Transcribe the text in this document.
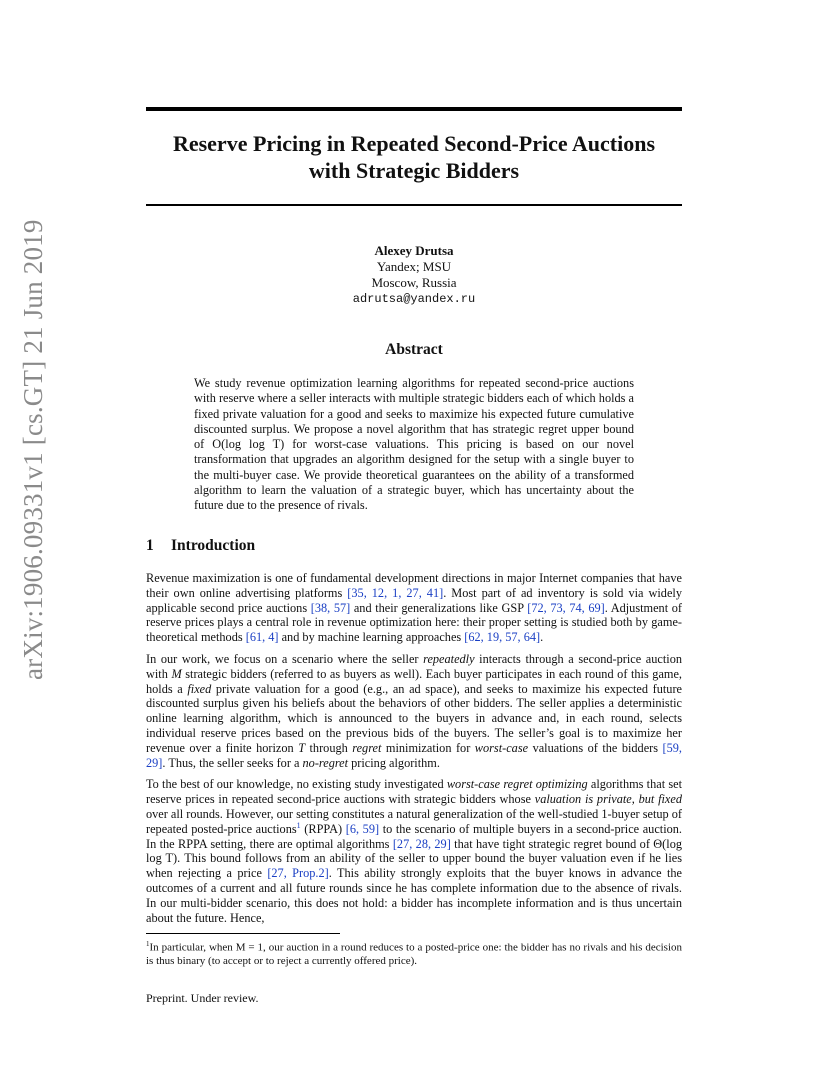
arXiv:1906.09331v1 [cs.GT] 21 Jun 2019
Reserve Pricing in Repeated Second-Price Auctions
with Strategic Bidders
Alexey Drutsa
Yandex; MSU
Moscow, Russia
adrutsa@yandex.ru
Abstract
We study revenue optimization learning algorithms for repeated second-price auctions with reserve where a seller interacts with multiple strategic bidders each of which holds a fixed private valuation for a good and seeks to maximize his expected future cumulative discounted surplus. We propose a novel algorithm that has strategic regret upper bound of O(log log T) for worst-case valuations. This pricing is based on our novel transformation that upgrades an algorithm designed for the setup with a single buyer to the multi-buyer case. We provide theoretical guarantees on the ability of a transformed algorithm to learn the valuation of a strategic buyer, which has uncertainty about the future due to the presence of rivals.
1 Introduction

Revenue maximization is one of fundamental development directions in major Internet companies that have their own online advertising platforms [35, 12, 1, 27, 41]. Most part of ad inventory is sold via widely applicable second price auctions [38, 57] and their generalizations like GSP [72, 73, 74, 69]. Adjustment of reserve prices plays a central role in revenue optimization here: their proper setting is studied both by game-theoretical methods [61, 4] and by machine learning approaches [62, 19, 57, 64].

In our work, we focus on a scenario where the seller repeatedly interacts through a second-price auction with M strategic bidders (referred to as buyers as well). Each buyer participates in each round of this game, holds a fixed private valuation for a good (e.g., an ad space), and seeks to maximize his expected future discounted surplus given his beliefs about the behaviors of other bidders. The seller applies a deterministic online learning algorithm, which is announced to the buyers in advance and, in each round, selects individual reserve prices based on the previous bids of the buyers. The seller’s goal is to maximize her revenue over a finite horizon T through regret minimization for worst-case valuations of the bidders [59, 29]. Thus, the seller seeks for a no-regret pricing algorithm.

To the best of our knowledge, no existing study investigated worst-case regret optimizing algorithms that set reserve prices in repeated second-price auctions with strategic bidders whose valuation is private, but fixed over all rounds. However, our setting constitutes a natural generalization of the well-studied 1-buyer setup of repeated posted-price auctions$^1$ (RPPA) [6, 59] to the scenario of multiple buyers in a second-price auction. In the RPPA setting, there are optimal algorithms [27, 28, 29] that have tight strategic regret bound of Θ(log log T). This bound follows from an ability of the seller to upper bound the buyer valuation even if he lies when rejecting a price [27, Prop.2]. This ability strongly exploits that the buyer knows in advance the outcomes of a current and all future rounds since he has complete information due to the absence of rivals. In our multi-bidder scenario, this does not hold: a bidder has incomplete information and is thus uncertain about the future. Hence,

$^1$In particular, when M = 1, our auction in a round reduces to a posted-price one: the bidder has no rivals and his decision is thus binary (to accept or to reject a currently offered price).
Preprint. Under review.
